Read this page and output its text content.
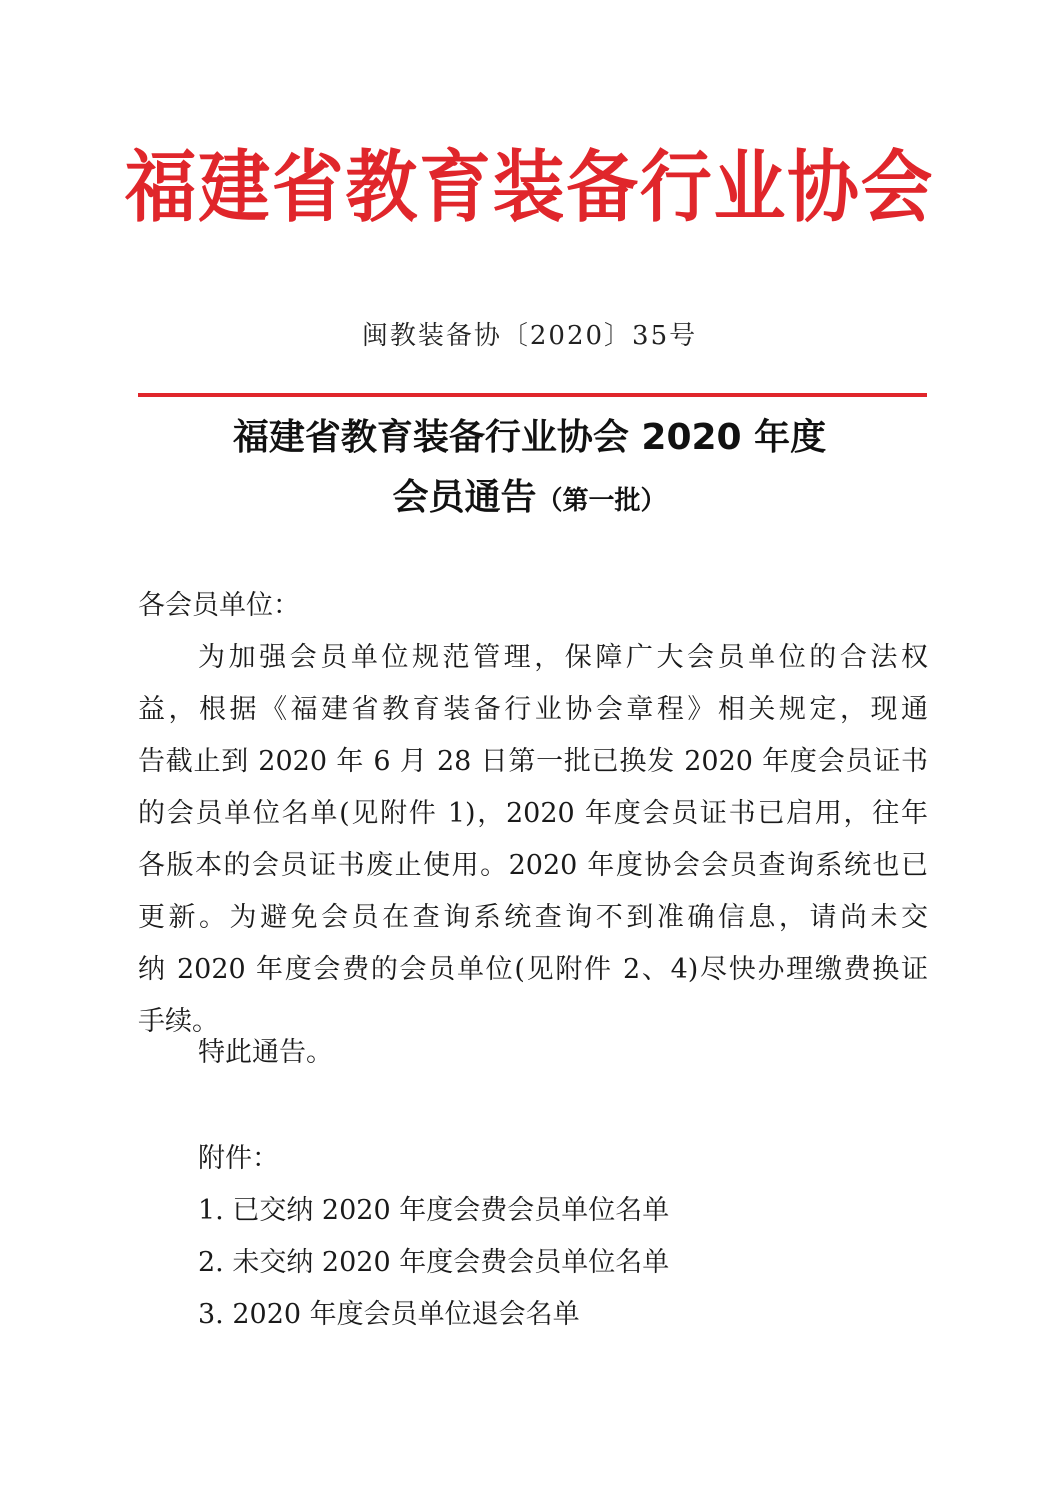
福建省教育装备行业协会
闽教装备协〔2020〕35号
福建省教育装备行业协会 2020 年度
会员通告（第一批）
各会员单位：
为加强会员单位规范管理，保障广大会员单位的合法权
益，根据《福建省教育装备行业协会章程》相关规定，现通
告截止到 2020 年 6 月 28 日第一批已换发 2020 年度会员证书
的会员单位名单(见附件 1)，2020 年度会员证书已启用，往年
各版本的会员证书废止使用。2020 年度协会会员查询系统也已
更新。为避免会员在查询系统查询不到准确信息，请尚未交
纳 2020 年度会费的会员单位(见附件 2、4)尽快办理缴费换证
手续。
特此通告。
附件：
1. 已交纳 2020 年度会费会员单位名单
2. 未交纳 2020 年度会费会员单位名单
3. 2020 年度会员单位退会名单
